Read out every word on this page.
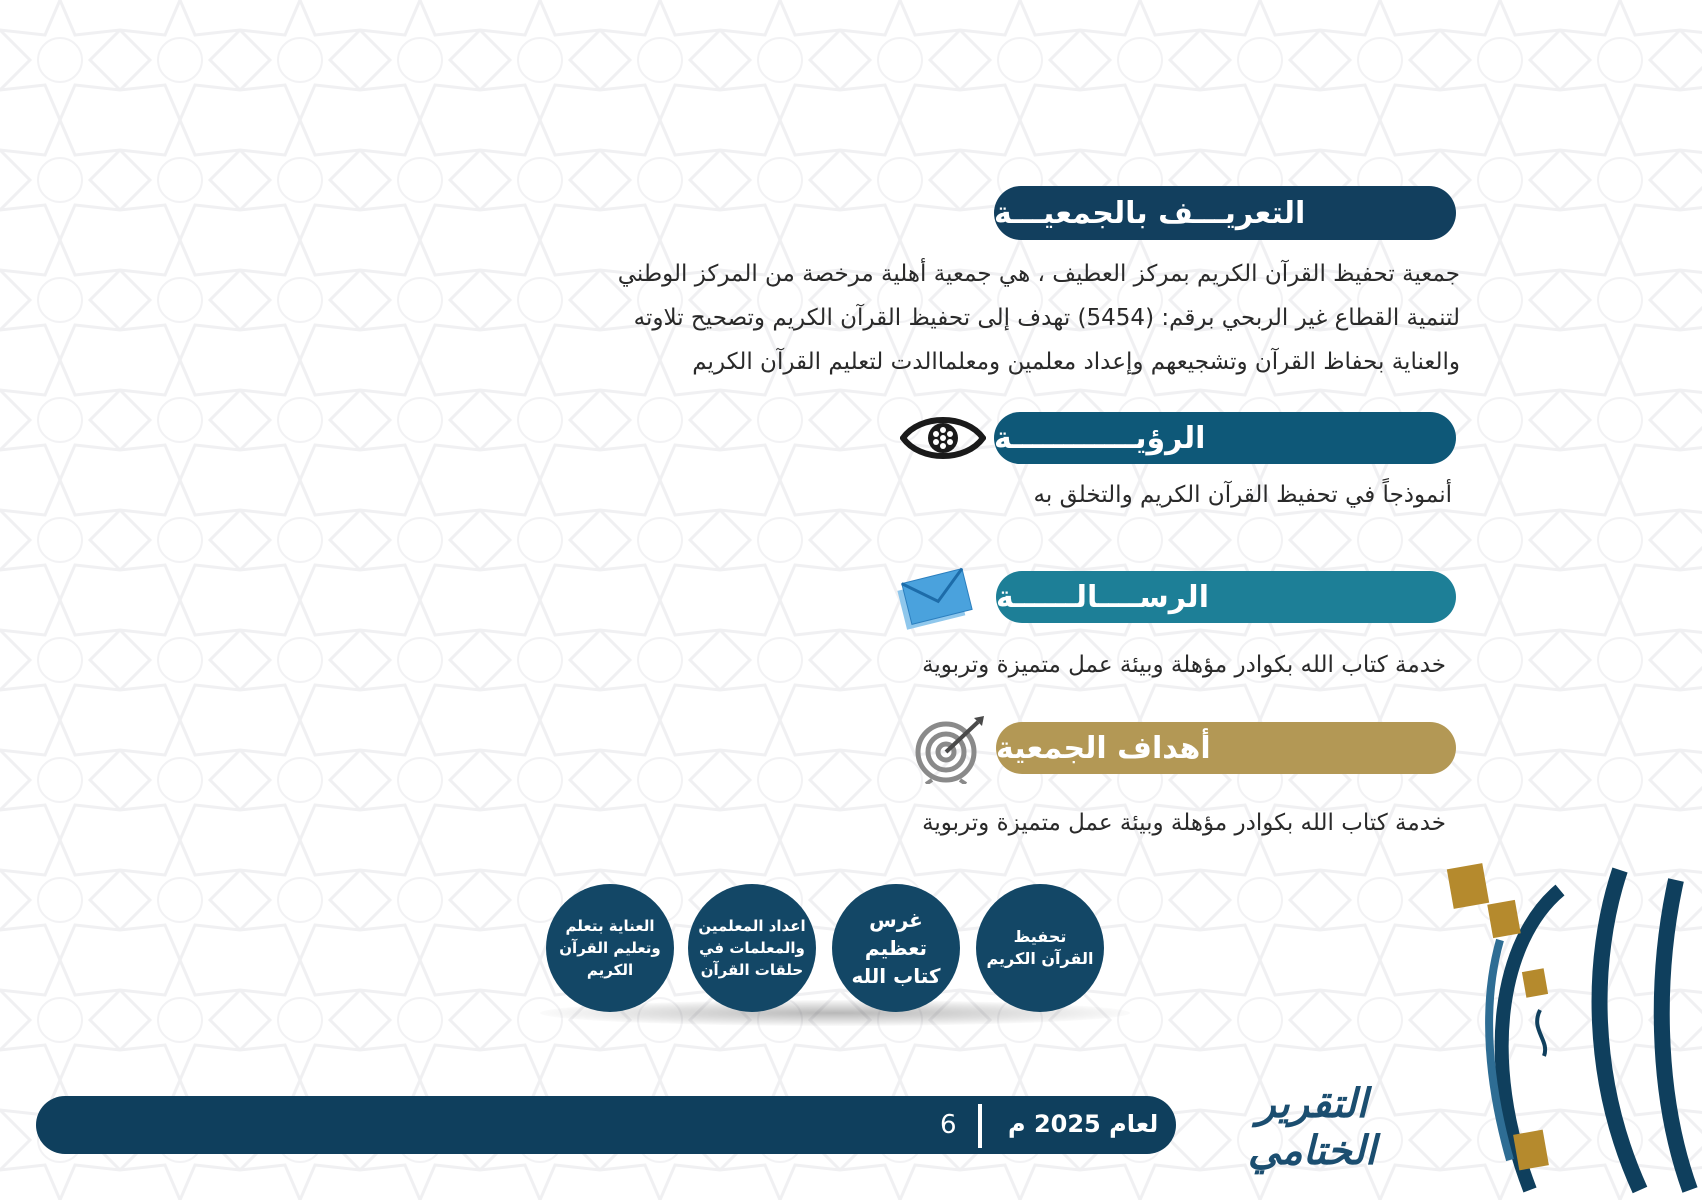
التعريـــف بالجمعيـــة
جمعية تحفيظ القرآن الكريم بمركز العطيف ، هي جمعية أهلية مرخصة من المركز الوطني
لتنمية القطاع غير الربحي برقم: (5454) تهدف إلى تحفيظ القرآن الكريم وتصحيح تلاوته
والعناية بحفاظ القرآن وتشجيعهم وإعداد معلمين ومعلماالدت لتعليم القرآن الكريم
الرؤيــــــــــــة
أنموذجاً في تحفيظ القرآن الكريم والتخلق به
الرســــالــــــة
خدمة كتاب الله بكوادر مؤهلة وبيئة عمل متميزة وتربوية
أهداف الجمعية
خدمة كتاب الله بكوادر مؤهلة وبيئة عمل متميزة وتربوية
تحفيظ القرآن الكريم
غرس تعظيم كتاب الله
اعداد المعلمين والمعلمات في حلقات القرآن
العناية بتعلم وتعليم القرآن الكريم
لعام 2025 م
6	التقرير الختامي
